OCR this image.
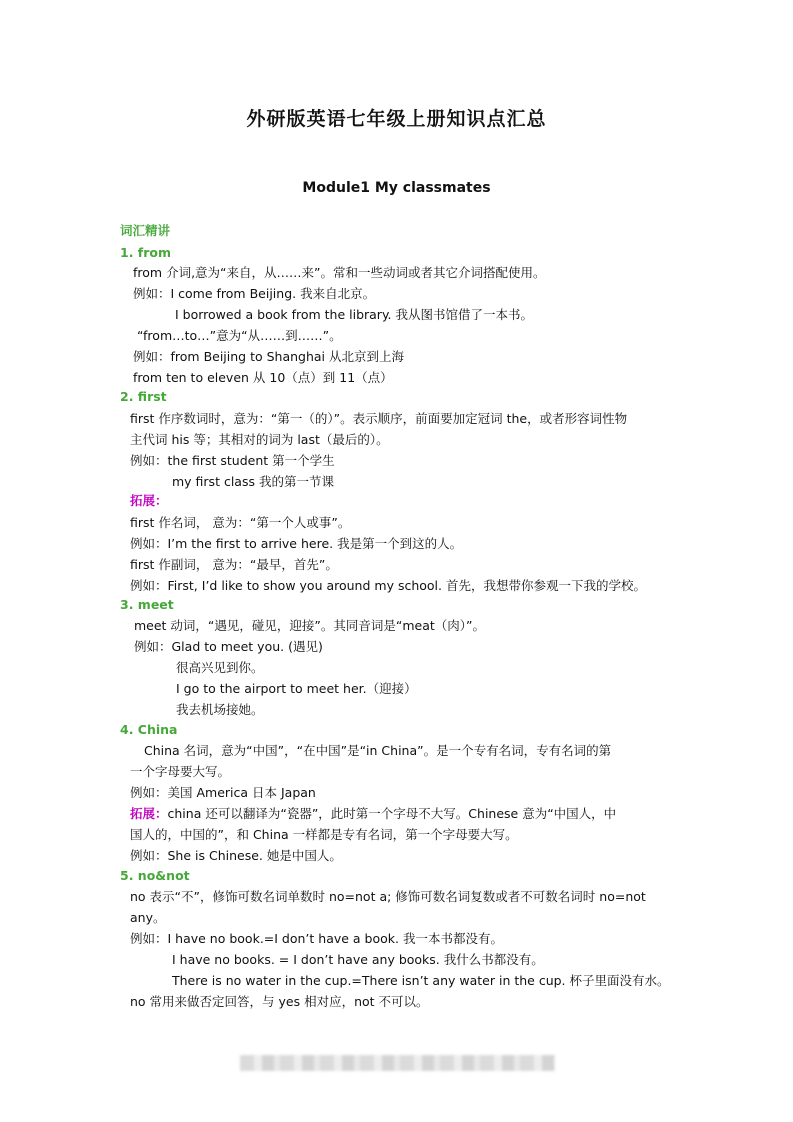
外研版英语七年级上册知识点汇总
Module1 My classmates
词汇精讲
1. from
from 介词,意为“来自，从……来”。常和一些动词或者其它介词搭配使用。
例如：I come from Beijing. 我来自北京。
I borrowed a book from the library. 我从图书馆借了一本书。
“from…to…”意为“从……到……”。
例如：from Beijing to Shanghai 从北京到上海
from ten to eleven 从 10（点）到 11（点）
2. first
first 作序数词时，意为：“第一（的）”。表示顺序，前面要加定冠词 the，或者形容词性物
主代词 his 等；其相对的词为 last（最后的）。
例如：the first student 第一个学生
my first class 我的第一节课
拓展：
first 作名词， 意为：“第一个人或事”。
例如：I’m the first to arrive here. 我是第一个到这的人。
first 作副词， 意为：“最早，首先”。
例如：First, I’d like to show you around my school. 首先，我想带你参观一下我的学校。
3. meet
meet 动词，“遇见，碰见，迎接”。其同音词是“meat（肉）”。
例如：Glad to meet you. (遇见)
很高兴见到你。
I go to the airport to meet her.（迎接）
我去机场接她。
4. China
China 名词，意为“中国”，“在中国”是“in China”。是一个专有名词，专有名词的第
一个字母要大写。
例如：美国 America 日本 Japan
拓展：china 还可以翻译为“瓷器”，此时第一个字母不大写。Chinese 意为“中国人，中
国人的，中国的”，和 China 一样都是专有名词，第一个字母要大写。
例如：She is Chinese. 她是中国人。
5. no&not
no 表示“不”，修饰可数名词单数时 no=not a; 修饰可数名词复数或者不可数名词时 no=not
any。
例如：I have no book.=I don’t have a book. 我一本书都没有。
I have no books. = I don’t have any books. 我什么书都没有。
There is no water in the cup.=There isn’t any water in the cup. 杯子里面没有水。
no 常用来做否定回答，与 yes 相对应，not 不可以。
